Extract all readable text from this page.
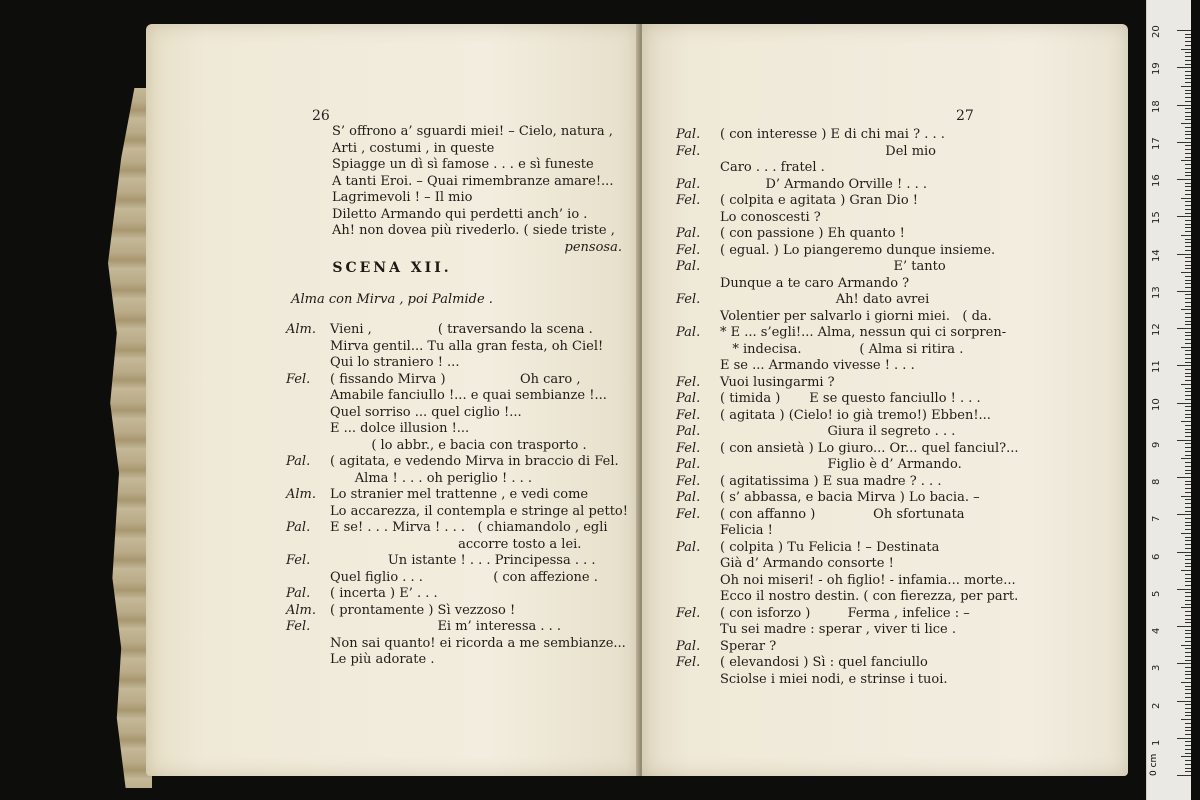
26
S’ offrono a’ sguardi miei! – Cielo, natura ,
Arti , costumi , in queste
Spiagge un dì sì famose . . . e sì funeste
A tanti Eroi. – Quai rimembranze amare!...
Lagrimevoli ! – Il mio
Diletto Armando qui perdetti anch’ io .
Ah! non dovea più rivederlo. ( siede triste ,
pensosa.
SCENA XII.
Alma con Mirva , poi Palmide .
Alm.	Vieni ,                ( traversando la scena .
Mirva gentil... Tu alla gran festa, oh Ciel!
Qui lo straniero ! ...
Fel.	( fissando Mirva )                  Oh caro ,
Amabile fanciullo !... e quai sembianze !...
Quel sorriso ... quel ciglio !...
E ... dolce illusion !...
( lo abbr., e bacia con trasporto .
Pal.	( agitata, e vedendo Mirva in braccio di Fel.
Alma ! . . . oh periglio ! . . .
Alm.	Lo stranier mel trattenne , e vedi come
Lo accarezza, il contempla e stringe al petto!
Pal.	E se! . . . Mirva ! . . .   ( chiamandolo , egli
accorre tosto a lei.
Fel.	Un istante ! . . . Principessa . . .
Quel figlio . . .                 ( con affezione .
Pal.	( incerta ) E’ . . .
Alm.	( prontamente ) Sì vezzoso !
Fel.	Ei m’ interessa . . .
Non sai quanto! ei ricorda a me sembianze...
Le più adorate .
27
Pal.	( con interesse ) E di chi mai ? . . .
Fel.	Del mio
Caro . . . fratel .
Pal.	D’ Armando Orville ! . . .
Fel.	( colpita e agitata ) Gran Dio !
Lo conoscesti ?
Pal.	( con passione ) Eh quanto !
Fel.	( egual. ) Lo piangeremo dunque insieme.
Pal.	E’ tanto
Dunque a te caro Armando ?
Fel.	Ah! dato avrei
Volentier per salvarlo i giorni miei.   ( da.
Pal.	* E ... s’egli!... Alma, nessun qui ci sorpren-
* indecisa.              ( Alma si ritira .
E se ... Armando vivesse ! . . .
Fel.	Vuoi lusingarmi ?
Pal.	( timida )       E se questo fanciullo ! . . .
Fel.	( agitata ) (Cielo! io già tremo!) Ebben!...
Pal.	Giura il segreto . . .
Fel.	( con ansietà ) Lo giuro... Or... quel fanciul?...
Pal.	Figlio è d’ Armando.
Fel.	( agitatissima ) E sua madre ? . . .
Pal.	( s’ abbassa, e bacia Mirva ) Lo bacia. –
Fel.	( con affanno )              Oh sfortunata
Felicia !
Pal.	( colpita ) Tu Felicia ! – Destinata
Già d’ Armando consorte !
Oh noi miseri! - oh figlio! - infamia... morte...
Ecco il nostro destin. ( con fierezza, per part.
Fel.	( con isforzo )         Ferma , infelice : –
Tu sei madre : sperar , viver ti lice .
Pal.	Sperar ?
Fel.	( elevandosi ) Sì : quel fanciullo
Sciolse i miei nodi, e strinse i tuoi.
0 cm
1
2
3
4
5
6
7
8
9
10
11
12
13
14
15
16
17
18
19
20
